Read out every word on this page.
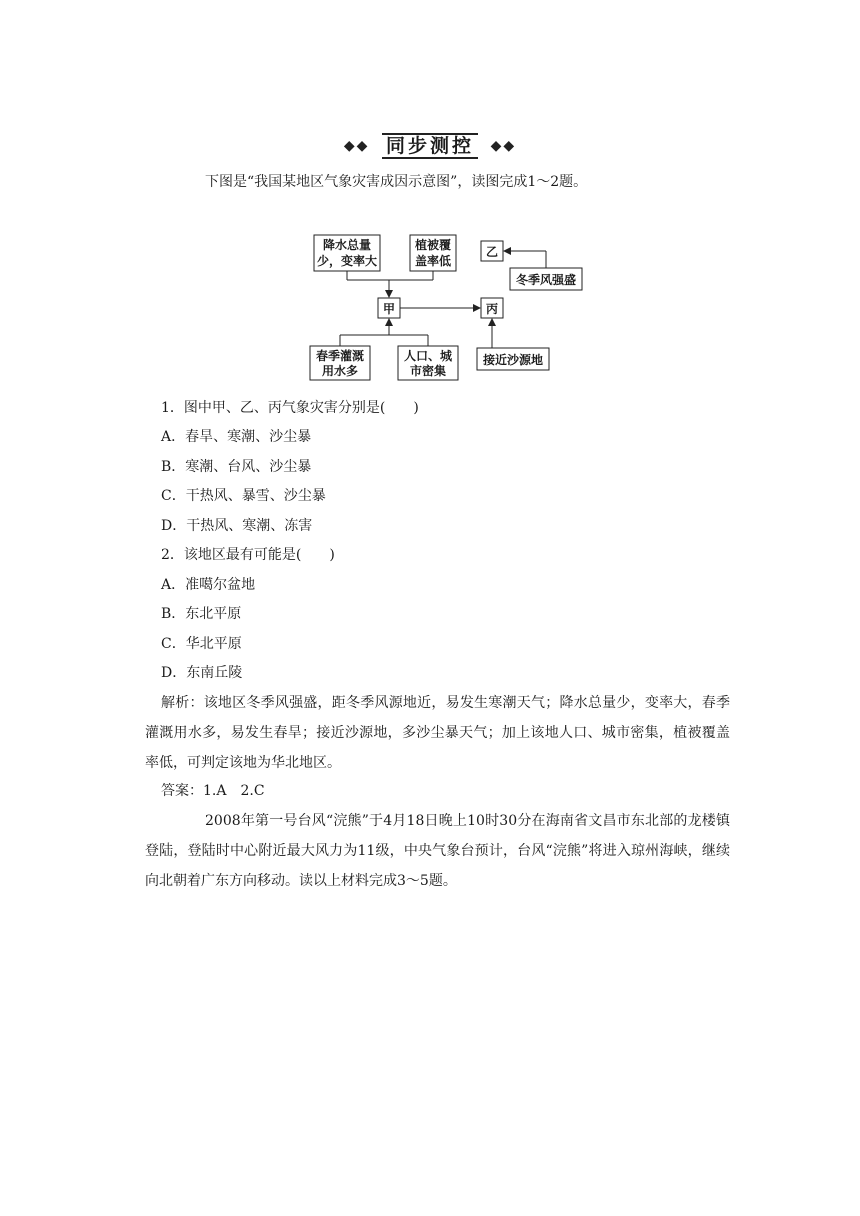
◆◆ 同步测控 ◆◆
下图是“我国某地区气象灾害成因示意图”，读图完成1～2题。
降水总量
少，变率大
植被覆
盖率低
甲	丙
乙
冬季风强盛
春季灌溉
用水多
人口、城
市密集
接近沙源地
1．图中甲、乙、丙气象灾害分别是(　　)
A．春旱、寒潮、沙尘暴
B．寒潮、台风、沙尘暴
C．干热风、暴雪、沙尘暴
D．干热风、寒潮、冻害
2．该地区最有可能是(　　)
A．准噶尔盆地
B．东北平原
C．华北平原
D．东南丘陵
解析：该地区冬季风强盛，距冬季风源地近，易发生寒潮天气；降水总量少，变率大，春季灌溉用水多，易发生春旱；接近沙源地，多沙尘暴天气；加上该地人口、城市密集，植被覆盖率低，可判定该地为华北地区。
答案：1.A　2.C
2008年第一号台风“浣熊”于4月18日晚上10时30分在海南省文昌市东北部的龙楼镇登陆，登陆时中心附近最大风力为11级，中央气象台预计，台风“浣熊”将进入琼州海峡，继续向北朝着广东方向移动。读以上材料完成3～5题。
